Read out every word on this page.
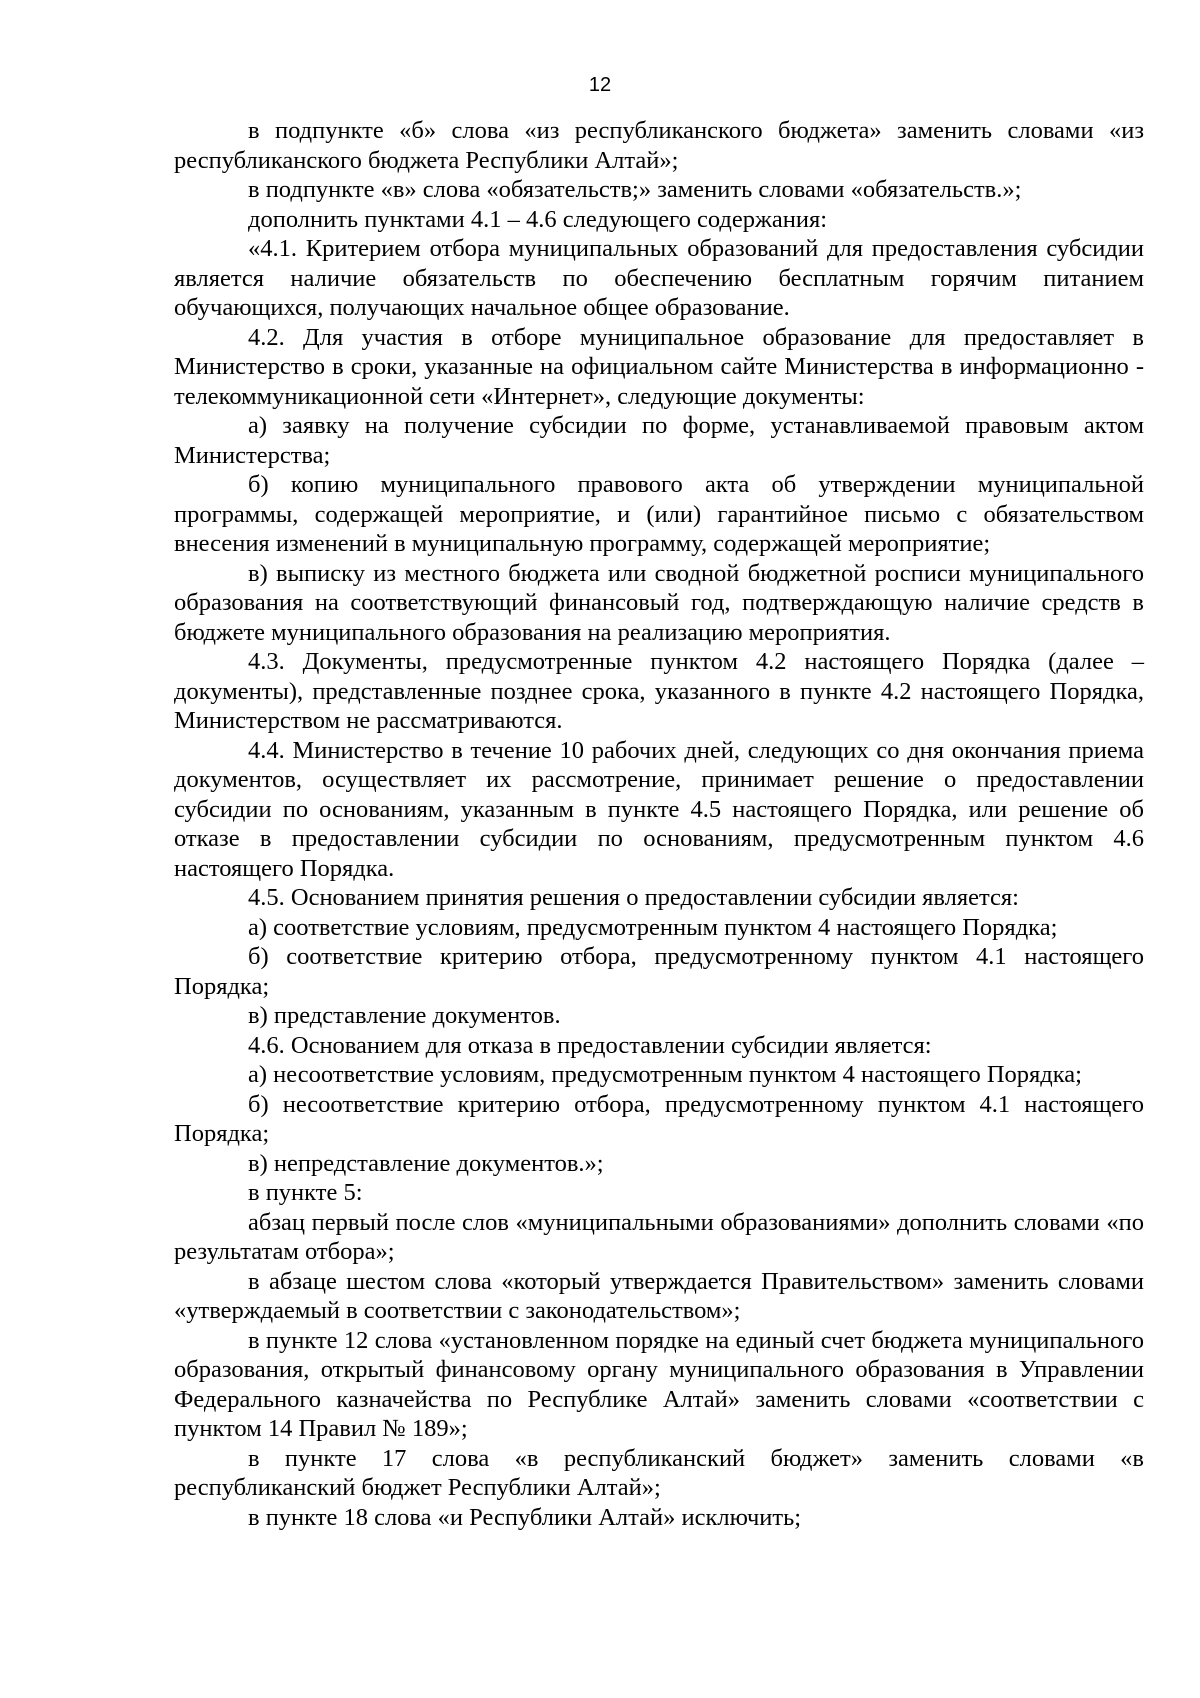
12

в подпункте «б» слова «из республиканского бюджета» заменить словами «из республиканского бюджета Республики Алтай»;

в подпункте «в» слова «обязательств;» заменить словами «обязательств.»;

дополнить пунктами 4.1 – 4.6 следующего содержания:

«4.1. Критерием отбора муниципальных образований для предоставления субсидии является наличие обязательств по обеспечению бесплатным горячим питанием обучающихся, получающих начальное общее образование.

4.2. Для участия в отборе муниципальное образование для предоставляет в Министерство в сроки, указанные на официальном сайте Министерства в информационно - телекоммуникационной сети «Интернет», следующие документы:

а) заявку на получение субсидии по форме, устанавливаемой правовым актом Министерства;

б) копию муниципального правового акта об утверждении муниципальной программы, содержащей мероприятие, и (или) гарантийное письмо с обязательством внесения изменений в муниципальную программу, содержащей мероприятие;

в) выписку из местного бюджета или сводной бюджетной росписи муниципального образования на соответствующий финансовый год, подтверждающую наличие средств в бюджете муниципального образования на реализацию мероприятия.

4.3. Документы, предусмотренные пунктом 4.2 настоящего Порядка (далее – документы), представленные позднее срока, указанного в пункте 4.2 настоящего Порядка, Министерством не рассматриваются.

4.4. Министерство в течение 10 рабочих дней, следующих со дня окончания приема документов, осуществляет их рассмотрение, принимает решение о предоставлении субсидии по основаниям, указанным в пункте 4.5 настоящего Порядка, или решение об отказе в предоставлении субсидии по основаниям, предусмотренным пунктом 4.6 настоящего Порядка.

4.5. Основанием принятия решения о предоставлении субсидии является:

а) соответствие условиям, предусмотренным пунктом 4 настоящего Порядка;

б) соответствие критерию отбора, предусмотренному пунктом 4.1 настоящего Порядка;

в) представление документов.

4.6. Основанием для отказа в предоставлении субсидии является:

а) несоответствие условиям, предусмотренным пунктом 4 настоящего Порядка;

б) несоответствие критерию отбора, предусмотренному пунктом 4.1 настоящего Порядка;

в) непредставление документов.»;

в пункте 5:

абзац первый после слов «муниципальными образованиями» дополнить словами «по результатам отбора»;

в абзаце шестом слова «который утверждается Правительством» заменить словами «утверждаемый в соответствии с законодательством»;

в пункте 12 слова «установленном порядке на единый счет бюджета муниципального образования, открытый финансовому органу муниципального образования в Управлении Федерального казначейства по Республике Алтай» заменить словами «соответствии с пунктом 14 Правил № 189»;

в пункте 17 слова «в республиканский бюджет» заменить словами «в республиканский бюджет Республики Алтай»;

в пункте 18 слова «и Республики Алтай» исключить;
